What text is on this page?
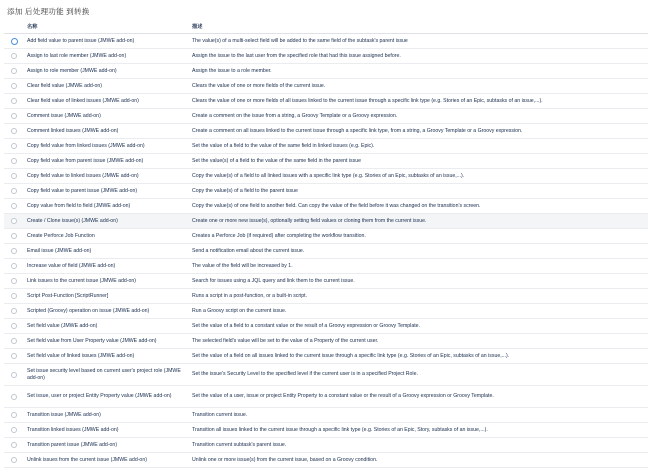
添加 后处理功能 到转换
	名称	描述

	Add field value to parent issue (JMWE add-on)	The value(s) of a multi-select field will be added to the same field of the subtask's parent issue

	Assign to last role member (JMWE add-on)	Assign the issue to the last user from the specified role that had this issue assigned before.

	Assign to role member (JMWE add-on)	Assign the issue to a role member.

	Clear field value (JMWE add-on)	Clears the value of one or more fields of the current issue.

	Clear field value of linked issues (JMWE add-on)	Clears the value of one or more fields of all issues linked to the current issue through a specific link type (e.g. Stories of an Epic, subtasks of an issue,...).

	Comment issue (JMWE add-on)	Create a comment on the issue from a string, a Groovy Template or a Groovy expression.

	Comment linked issues (JMWE add-on)	Create a comment on all issues linked to the current issue through a specific link type, from a string, a Groovy Template or a Groovy expression.

	Copy field value from linked issues (JMWE add-on)	Set the value of a field to the value of the same field in linked issues (e.g. Epic).

	Copy field value from parent issue (JMWE add-on)	Set the value(s) of a field to the value of the same field in the parent issue

	Copy field value to linked issues (JMWE add-on)	Copy the value(s) of a field to all linked issues with a specific link type (e.g. Stories of an Epic, subtasks of an issue,...).

	Copy field value to parent issue (JMWE add-on)	Copy the value(s) of a field to the parent issue

	Copy value from field to field (JMWE add-on)	Copy the value(s) of one field to another field. Can copy the value of the field before it was changed on the transition's screen.

	Create / Clone issue(s) (JMWE add-on)	Create one or more new issue(s), optionally setting field values or cloning them from the current issue.

	Create Perforce Job Function	Creates a Perforce Job (if required) after completing the workflow transition.

	Email issue (JMWE add-on)	Send a notification email about the current issue.

	Increase value of field (JMWE add-on)	The value of the field will be increased by 1.

	Link issues to the current issue (JMWE add-on)	Search for issues using a JQL query and link them to the current issue.

	Script Post-Function [ScriptRunner]	Runs a script in a post-function, or a built-in script.

	Scripted (Groovy) operation on issue (JMWE add-on)	Run a Groovy script on the current issue.

	Set field value (JMWE add-on)	Set the value of a field to a constant value or the result of a Groovy expression or Groovy Template.

	Set field value from User Property value (JMWE add-on)	The selected field's value will be set to the value of a Property of the current user.

	Set field value of linked issues (JMWE add-on)	Set the value of a field on all issues linked to the current issue through a specific link type (e.g. Stories of an Epic, subtasks of an issue,...).

	Set issue security level based on current user's project role (JMWE add-on)	Set the issue's Security Level to the specified level if the current user is in a specified Project Role.

	Set issue, user or project Entity Property value (JMWE add-on)	Set the value of a user, issue or project Entity Property to a constant value or the result of a Groovy expression or Groovy Template.

	Transition issue (JMWE add-on)	Transition current issue.

	Transition linked issues (JMWE add-on)	Transition all issues linked to the current issue through a specific link type (e.g. Stories of an Epic, Story, subtasks of an issue,...).

	Transition parent issue (JMWE add-on)	Transition current subtask's parent issue.

	Unlink issues from the current issue (JMWE add-on)	Unlink one or more issue(s) from the current issue, based on a Groovy condition.
